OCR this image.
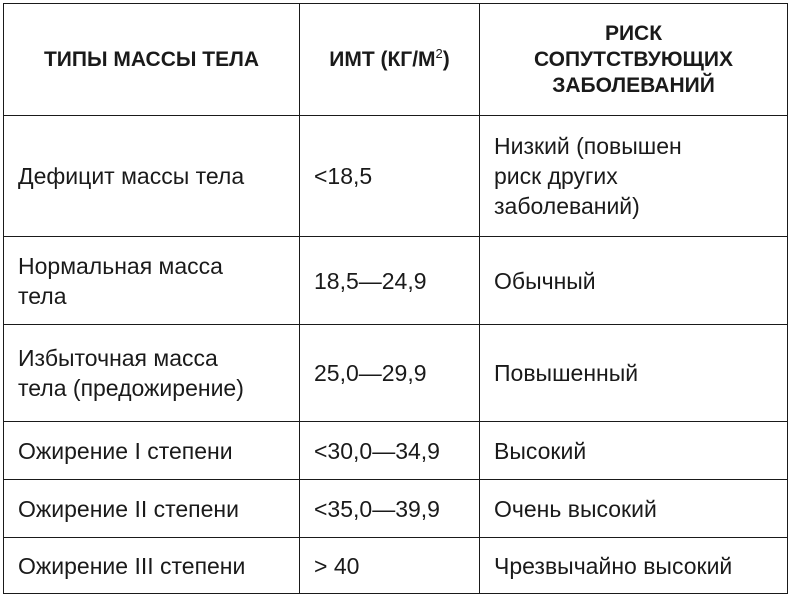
ТИПЫ МАССЫ ТЕЛА	ИМТ $(КГ/М^2)$	РИСК
СОПУТСТВУЮЩИХ
ЗАБОЛЕВАНИЙ

Дефицит массы тела	<18,5	Низкий (повышен
риск других
заболеваний)

Нормальная масса
тела	18,5—24,9	Обычный

Избыточная масса
тела (предожирение)	25,0—29,9	Повышенный
Ожирение I степени	<30,0—34,9	Высокий
Ожирение II степени	<35,0—39,9	Очень высокий
Ожирение III степени	> 40	Чрезвычайно высокий
